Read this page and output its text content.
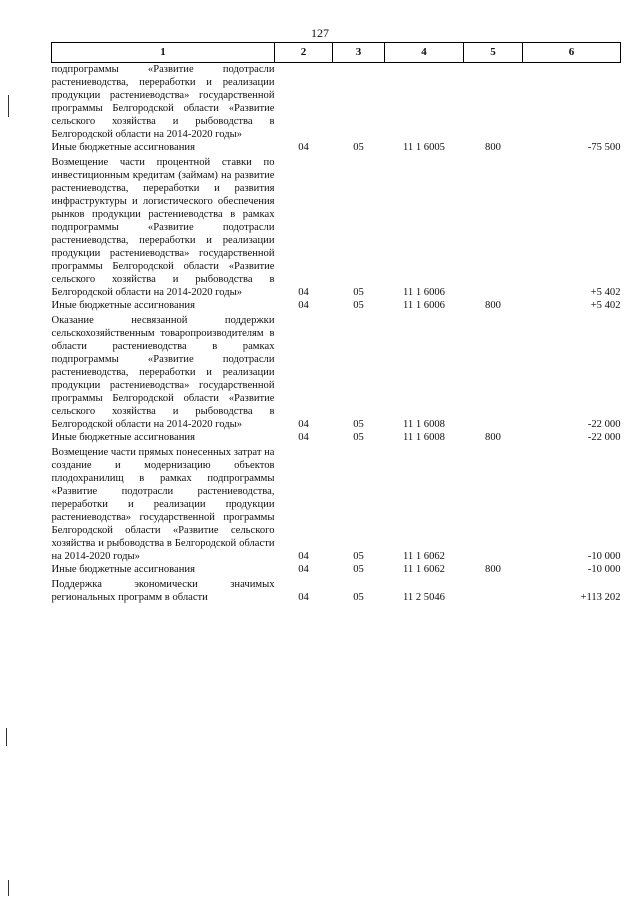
127
1	2	3	4	5	6
подпрограммы «Развитие подотрасли растениеводства, переработки и реализации продукции растениеводства» государственной программы Белгородской области «Развитие сельского хозяйства и рыбоводства в Белгородской области на 2014-2020 годы»					
Иные бюджетные ассигнования	04	05	11 1 6005	800	-75 500
Возмещение части процентной ставки по инвестиционным кредитам (займам) на развитие растениеводства, переработки и развития инфраструктуры и логистического обеспечения рынков продукции растениеводства в рамках подпрограммы «Развитие подотрасли растениеводства, переработки и реализации продукции растениеводства» государственной программы Белгородской области «Развитие сельского хозяйства и рыбоводства в Белгородской области на 2014-2020 годы»	04	05	11 1 6006		+5 402
Иные бюджетные ассигнования	04	05	11 1 6006	800	+5 402
Оказание несвязанной поддержки сельскохозяйственным товаропроизводителям в области растениеводства в рамках подпрограммы «Развитие подотрасли растениеводства, переработки и реализации продукции растениеводства» государственной программы Белгородской области «Развитие сельского хозяйства и рыбоводства в Белгородской области на 2014-2020 годы»	04	05	11 1 6008		-22 000
Иные бюджетные ассигнования	04	05	11 1 6008	800	-22 000
Возмещение части прямых понесенных затрат на создание и модернизацию объектов плодохранилищ в рамках подпрограммы «Развитие подотрасли растениеводства, переработки и реализации продукции растениеводства» государственной программы Белгородской области «Развитие сельского хозяйства и рыбоводства в Белгородской области на 2014-2020 годы»	04	05	11 1 6062		-10 000
Иные бюджетные ассигнования	04	05	11 1 6062	800	-10 000
Поддержка экономически значимых региональных программ в области	04	05	11 2 5046		+113 202
